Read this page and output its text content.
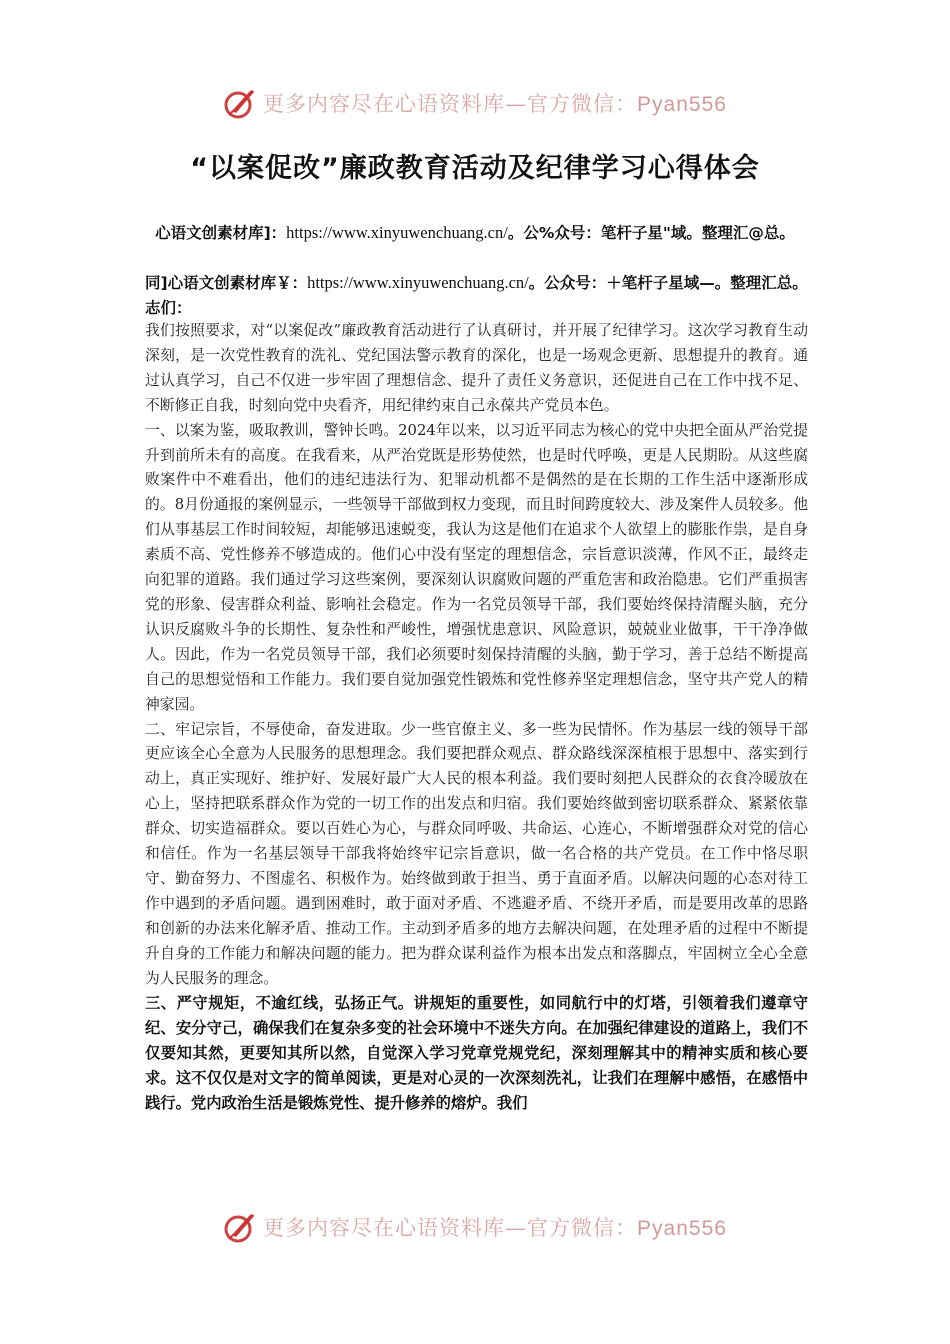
更多内容尽在心语资料库—官方微信：Pyan556
“以案促改”廉政教育活动及纪律学习心得体会
心语文创素材库]：https://www.xinyuwenchuang.cn/。公%众号：笔杆子星"域。整理汇@总。
同]心语文创素材库￥：https://www.xinyuwenchuang.cn/。公众号：＋笔杆子星域—。整理汇总。志们：

我们按照要求，对“以案促改”廉政教育活动进行了认真研讨，并开展了纪律学习。这次学习教育生动深刻，是一次党性教育的洗礼、党纪国法警示教育的深化，也是一场观念更新、思想提升的教育。通过认真学习，自己不仅进一步牢固了理想信念、提升了责任义务意识，还促进自己在工作中找不足、不断修正自我，时刻向党中央看齐，用纪律约束自己永葆共产党员本色。

一、以案为鉴，吸取教训，警钟长鸣。2024年以来，以习近平同志为核心的党中央把全面从严治党提升到前所未有的高度。在我看来，从严治党既是形势使然，也是时代呼唤，更是人民期盼。从这些腐败案件中不难看出，他们的违纪违法行为、犯罪动机都不是偶然的是在长期的工作生活中逐渐形成的。8月份通报的案例显示，一些领导干部做到权力变现，而且时间跨度较大、涉及案件人员较多。他们从事基层工作时间较短，却能够迅速蜕变，我认为这是他们在追求个人欲望上的膨胀作祟，是自身素质不高、党性修养不够造成的。他们心中没有坚定的理想信念，宗旨意识淡薄，作风不正，最终走向犯罪的道路。我们通过学习这些案例，要深刻认识腐败问题的严重危害和政治隐患。它们严重损害党的形象、侵害群众利益、影响社会稳定。作为一名党员领导干部，我们要始终保持清醒头脑，充分认识反腐败斗争的长期性、复杂性和严峻性，增强忧患意识、风险意识，兢兢业业做事，干干净净做人。因此，作为一名党员领导干部，我们必须要时刻保持清醒的头脑，勤于学习，善于总结不断提高自己的思想觉悟和工作能力。我们要自觉加强党性锻炼和党性修养坚定理想信念，坚守共产党人的精神家园。

二、牢记宗旨，不辱使命，奋发进取。少一些官僚主义、多一些为民情怀。作为基层一线的领导干部更应该全心全意为人民服务的思想理念。我们要把群众观点、群众路线深深植根于思想中、落实到行动上，真正实现好、维护好、发展好最广大人民的根本利益。我们要时刻把人民群众的衣食冷暖放在心上，坚持把联系群众作为党的一切工作的出发点和归宿。我们要始终做到密切联系群众、紧紧依靠群众、切实造福群众。要以百姓心为心，与群众同呼吸、共命运、心连心，不断增强群众对党的信心和信任。作为一名基层领导干部我将始终牢记宗旨意识，做一名合格的共产党员。在工作中恪尽职守、勤奋努力、不图虚名、积极作为。始终做到敢于担当、勇于直面矛盾。以解决问题的心态对待工作中遇到的矛盾问题。遇到困难时，敢于面对矛盾、不逃避矛盾、不绕开矛盾，而是要用改革的思路和创新的办法来化解矛盾、推动工作。主动到矛盾多的地方去解决问题，在处理矛盾的过程中不断提升自身的工作能力和解决问题的能力。把为群众谋利益作为根本出发点和落脚点，牢固树立全心全意为人民服务的理念。

三、严守规矩，不逾红线，弘扬正气。讲规矩的重要性，如同航行中的灯塔，引领着我们遵章守纪、安分守己，确保我们在复杂多变的社会环境中不迷失方向。在加强纪律建设的道路上，我们不仅要知其然，更要知其所以然，自觉深入学习党章党规党纪，深刻理解其中的精神实质和核心要求。这不仅仅是对文字的简单阅读，更是对心灵的一次深刻洗礼，让我们在理解中感悟，在感悟中践行。党内政治生活是锻炼党性、提升修养的熔炉。我们

更多内容尽在心语资料库—官方微信：Pyan556
